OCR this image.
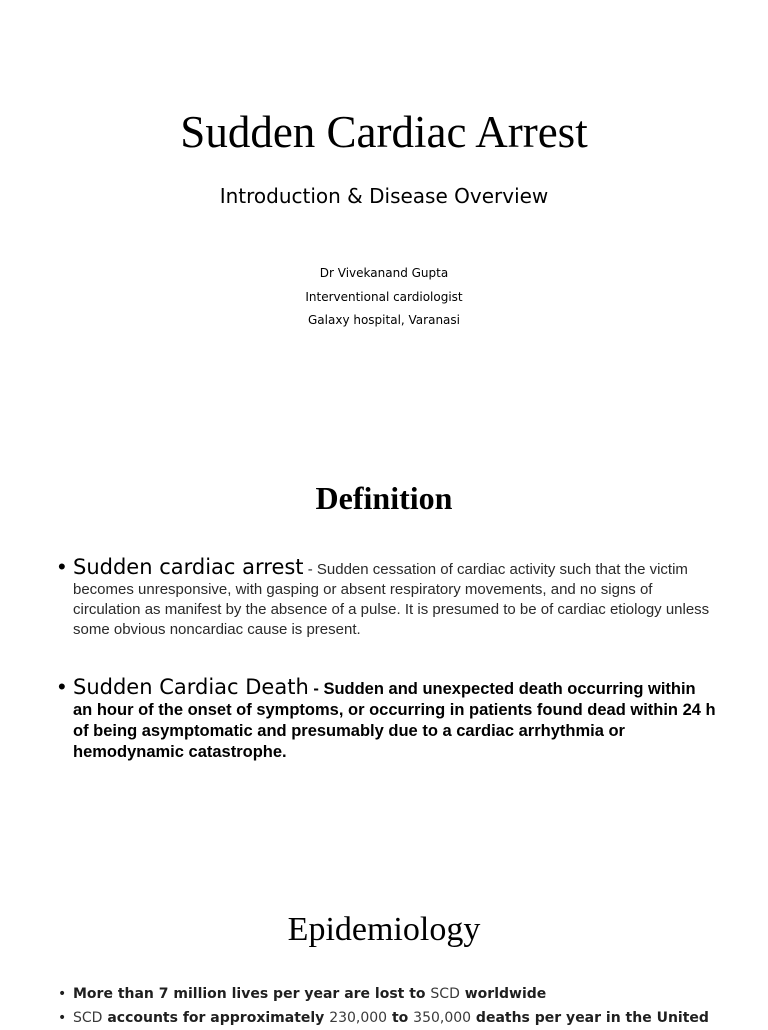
Sudden Cardiac Arrest
Introduction & Disease Overview
Dr Vivekanand Gupta
Interventional cardiologist
Galaxy hospital, Varanasi
Definition
• Sudden cardiac arrest - Sudden cessation of cardiac activity such that the victim becomes unresponsive, with gasping or absent respiratory movements, and no signs of circulation as manifest by the absence of a pulse. It is presumed to be of cardiac etiology unless some obvious noncardiac cause is present.
• Sudden Cardiac Death - Sudden and unexpected death occurring within an hour of the onset of symptoms, or occurring in patients found dead within 24 h of being asymptomatic and presumably due to a cardiac arrhythmia or hemodynamic catastrophe.
Epidemiology
• More than 7 million lives per year are lost to SCD worldwide
• SCD accounts for approximately 230,000 to 350,000 deaths per year in the United
